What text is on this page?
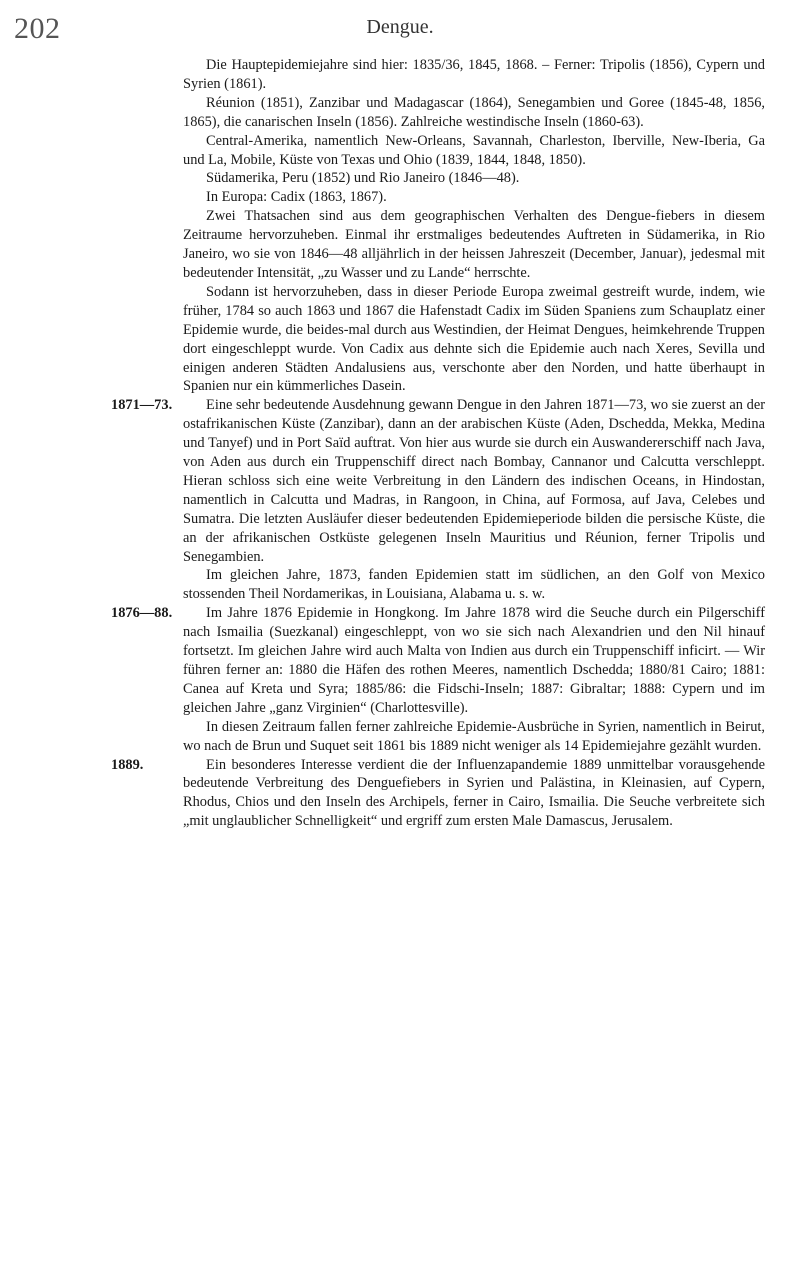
202	Dengue.

Die Hauptepidemiejahre sind hier: 1835/36, 1845, 1868. – Ferner: Tripolis (1856), Cypern und Syrien (1861).

Réunion (1851), Zanzibar und Madagascar (1864), Senegambien und Goree (1845-48, 1856, 1865), die canarischen Inseln (1856). Zahlreiche westindische Inseln (1860-63).

Central-Amerika, namentlich New-Orleans, Savannah, Charleston, Iberville, New-Iberia, Ga und La, Mobile, Küste von Texas und Ohio (1839, 1844, 1848, 1850).

Südamerika, Peru (1852) und Rio Janeiro (1846—48).

In Europa: Cadix (1863, 1867).

Zwei Thatsachen sind aus dem geographischen Verhalten des Dengue-fiebers in diesem Zeitraume hervorzuheben. Einmal ihr erstmaliges bedeutendes Auftreten in Südamerika, in Rio Janeiro, wo sie von 1846—48 alljährlich in der heissen Jahreszeit (December, Januar), jedesmal mit bedeutender Intensität, „zu Wasser und zu Lande“ herrschte.

Sodann ist hervorzuheben, dass in dieser Periode Europa zweimal gestreift wurde, indem, wie früher, 1784 so auch 1863 und 1867 die Hafenstadt Cadix im Süden Spaniens zum Schauplatz einer Epidemie wurde, die beides-mal durch aus Westindien, der Heimat Dengues, heimkehrende Truppen dort eingeschleppt wurde. Von Cadix aus dehnte sich die Epidemie auch nach Xeres, Sevilla und einigen anderen Städten Andalusiens aus, verschonte aber den Norden, und hatte überhaupt in Spanien nur ein kümmerliches Dasein.

1871—73.	Eine sehr bedeutende Ausdehnung gewann Dengue in den Jahren 1871—73, wo sie zuerst an der ostafrikanischen Küste (Zanzibar), dann an der arabischen Küste (Aden, Dschedda, Mekka, Medina und Tanyef) und in Port Saïd auftrat. Von hier aus wurde sie durch ein Auswandererschiff nach Java, von Aden aus durch ein Truppenschiff direct nach Bombay, Cannanor und Calcutta verschleppt. Hieran schloss sich eine weite Verbreitung in den Ländern des indischen Oceans, in Hindostan, namentlich in Calcutta und Madras, in Rangoon, in China, auf Formosa, auf Java, Celebes und Sumatra. Die letzten Ausläufer dieser bedeutenden Epidemieperiode bilden die persische Küste, die an der afrikanischen Ostküste gelegenen Inseln Mauritius und Réunion, ferner Tripolis und Senegambien.

Im gleichen Jahre, 1873, fanden Epidemien statt im südlichen, an den Golf von Mexico stossenden Theil Nordamerikas, in Louisiana, Alabama u. s. w.

1876—88.	Im Jahre 1876 Epidemie in Hongkong. Im Jahre 1878 wird die Seuche durch ein Pilgerschiff nach Ismailia (Suezkanal) eingeschleppt, von wo sie sich nach Alexandrien und den Nil hinauf fortsetzt. Im gleichen Jahre wird auch Malta von Indien aus durch ein Truppenschiff inficirt. — Wir führen ferner an: 1880 die Häfen des rothen Meeres, namentlich Dschedda; 1880/81 Cairo; 1881: Canea auf Kreta und Syra; 1885/86: die Fidschi-Inseln; 1887: Gibraltar; 1888: Cypern und im gleichen Jahre „ganz Virginien“ (Charlottesville).

In diesen Zeitraum fallen ferner zahlreiche Epidemie-Ausbrüche in Syrien, namentlich in Beirut, wo nach de Brun und Suquet seit 1861 bis 1889 nicht weniger als 14 Epidemiejahre gezählt wurden.

1889.	Ein besonderes Interesse verdient die der Influenzapandemie 1889 unmittelbar vorausgehende bedeutende Verbreitung des Denguefiebers in Syrien und Palästina, in Kleinasien, auf Cypern, Rhodus, Chios und den Inseln des Archipels, ferner in Cairo, Ismailia. Die Seuche verbreitete sich „mit unglaublicher Schnelligkeit“ und ergriff zum ersten Male Damascus, Jerusalem.
